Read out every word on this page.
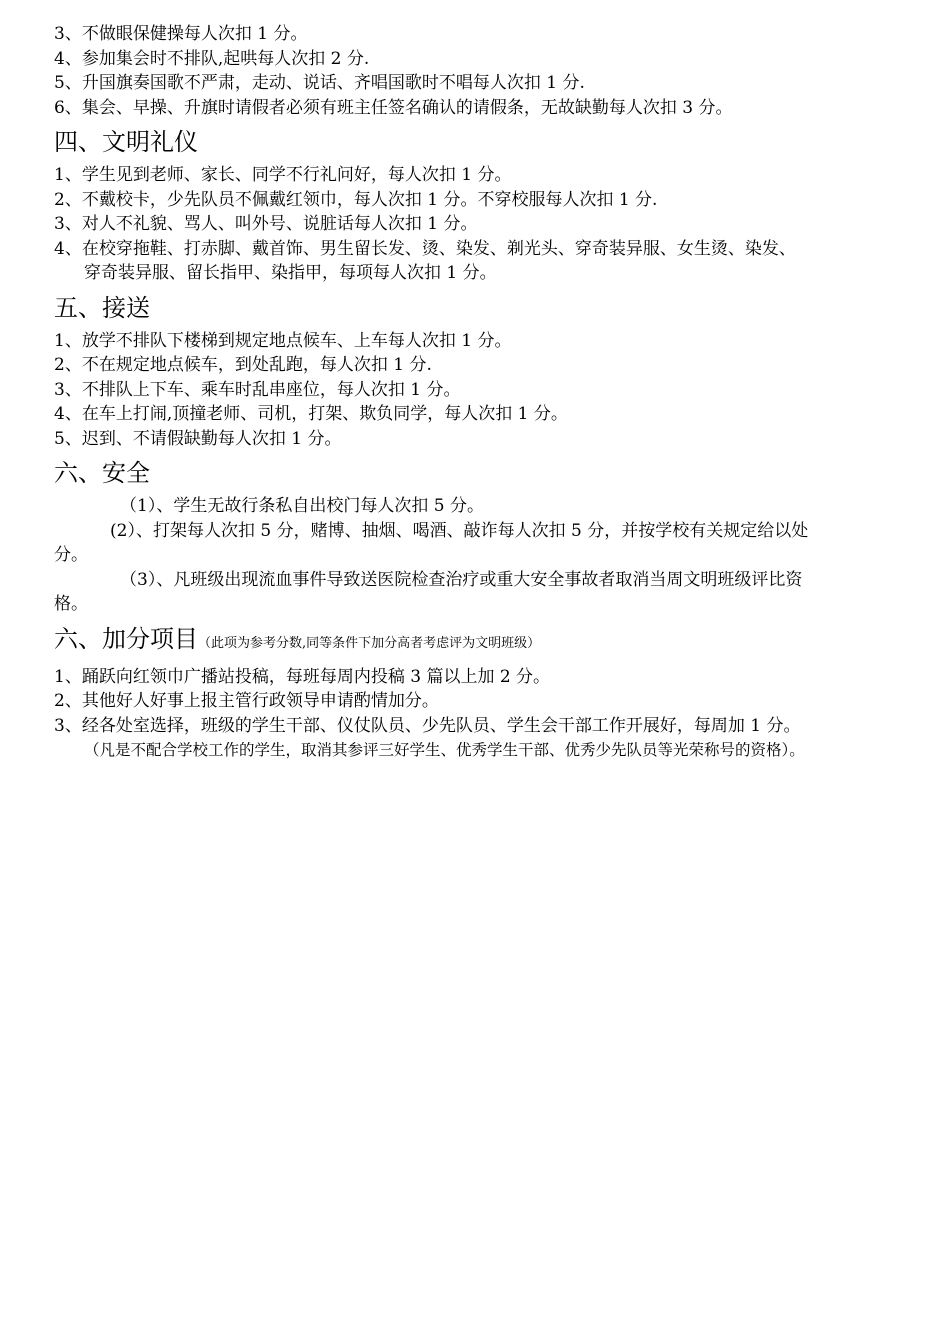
3、不做眼保健操每人次扣 1 分。
4、参加集会时不排队,起哄每人次扣 2 分.
5、升国旗奏国歌不严肃，走动、说话、齐唱国歌时不唱每人次扣 1 分.
6、集会、早操、升旗时请假者必须有班主任签名确认的请假条，无故缺勤每人次扣 3 分。
四、文明礼仪
1、学生见到老师、家长、同学不行礼问好，每人次扣 1 分。
2、不戴校卡，少先队员不佩戴红领巾，每人次扣 1 分。不穿校服每人次扣 1 分.
3、对人不礼貌、骂人、叫外号、说脏话每人次扣 1 分。
4、在校穿拖鞋、打赤脚、戴首饰、男生留长发、烫、染发、剃光头、穿奇装异服、女生烫、染发、
穿奇装异服、留长指甲、染指甲，每项每人次扣 1 分。
五、接送
1、放学不排队下楼梯到规定地点候车、上车每人次扣 1 分。
2、不在规定地点候车，到处乱跑，每人次扣 1 分.
3、不排队上下车、乘车时乱串座位，每人次扣 1 分。
4、在车上打闹,顶撞老师、司机，打架、欺负同学，每人次扣 1 分。
5、迟到、不请假缺勤每人次扣 1 分。
六、安全
（1）、学生无故行条私自出校门每人次扣 5 分。
(2）、打架每人次扣 5 分，赌博、抽烟、喝酒、敲诈每人次扣 5 分，并按学校有关规定给以处
分。
（3）、凡班级出现流血事件导致送医院检查治疗或重大安全事故者取消当周文明班级评比资
格。
六、加分项目（此项为参考分数,同等条件下加分高者考虑评为文明班级）
1、踊跃向红领巾广播站投稿，每班每周内投稿 3 篇以上加 2 分。
2、其他好人好事上报主管行政领导申请酌情加分。
3、经各处室选择，班级的学生干部、仪仗队员、少先队员、学生会干部工作开展好，每周加 1 分。
（凡是不配合学校工作的学生，取消其参评三好学生、优秀学生干部、优秀少先队员等光荣称号的资格）。
